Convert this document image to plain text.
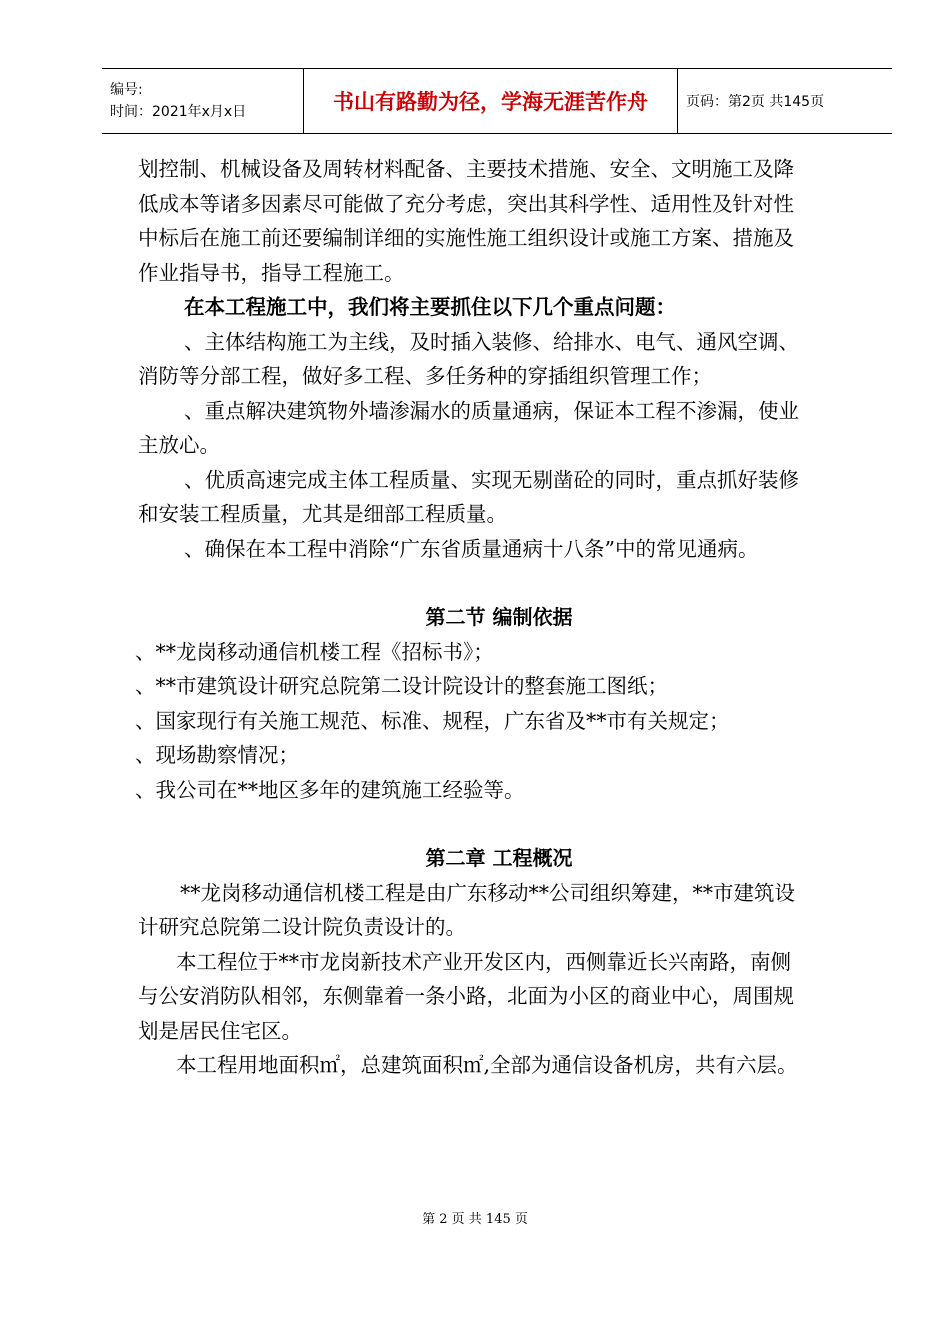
编号:
时间：2021年x月x日	书山有路勤为径，学海无涯苦作舟	页码：第2页 共145页

划控制、机械设备及周转材料配备、主要技术措施、安全、文明施工及降

低成本等诸多因素尽可能做了充分考虑，突出其科学性、适用性及针对性

中标后在施工前还要编制详细的实施性施工组织设计或施工方案、措施及

作业指导书，指导工程施工。

在本工程施工中，我们将主要抓住以下几个重点问题：

、主体结构施工为主线，及时插入装修、给排水、电气、通风空调、

消防等分部工程，做好多工程、多任务种的穿插组织管理工作；

、重点解决建筑物外墙渗漏水的质量通病，保证本工程不渗漏，使业

主放心。

、优质高速完成主体工程质量、实现无剔凿砼的同时，重点抓好装修

和安装工程质量，尤其是细部工程质量。

、确保在本工程中消除“广东省质量通病十八条”中的常见通病。

第二节 编制依据

、**龙岗移动通信机楼工程《招标书》；

、**市建筑设计研究总院第二设计院设计的整套施工图纸；

、国家现行有关施工规范、标准、规程，广东省及**市有关规定；

、现场勘察情况；

、我公司在**地区多年的建筑施工经验等。

第二章 工程概况

**龙岗移动通信机楼工程是由广东移动**公司组织筹建，**市建筑设

计研究总院第二设计院负责设计的。

本工程位于**市龙岗新技术产业开发区内，西侧靠近长兴南路，南侧

与公安消防队相邻，东侧靠着一条小路，北面为小区的商业中心，周围规

划是居民住宅区。

本工程用地面积㎡，总建筑面积㎡,全部为通信设备机房，共有六层。

第 2 页 共 145 页
